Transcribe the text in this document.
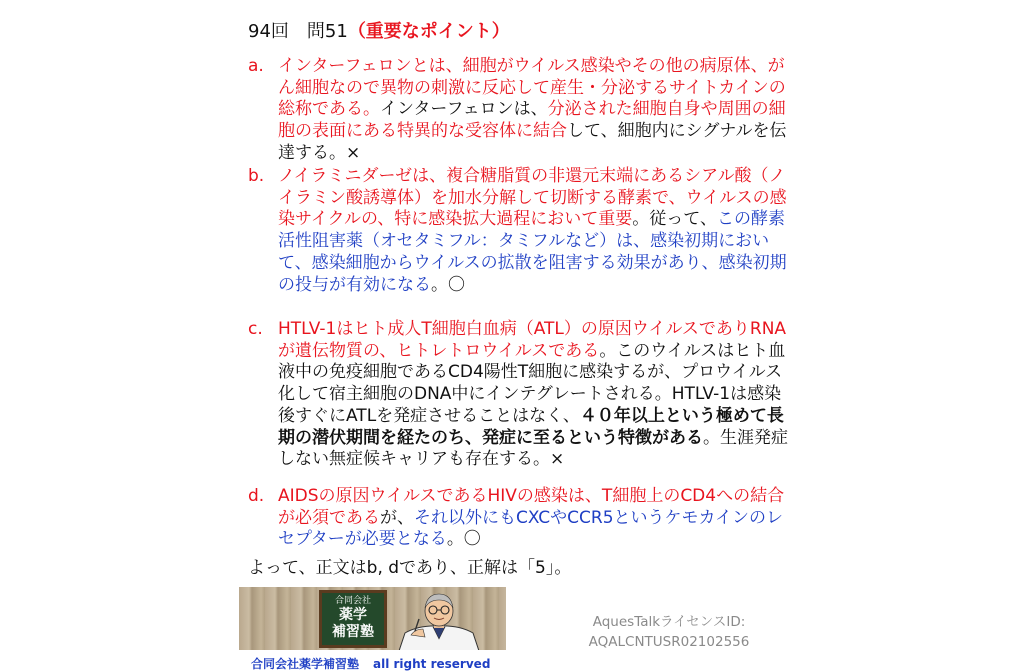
94回　問51（重要なポイント）
a. インターフェロンとは、細胞がウイルス感染やその他の病原体、がん細胞なので異物の刺激に反応して産生・分泌するサイトカインの総称である。インターフェロンは、分泌された細胞自身や周囲の細胞の表面にある特異的な受容体に結合して、細胞内にシグナルを伝達する。×
b. ノイラミニダーゼは、複合糖脂質の非還元末端にあるシアル酸（ノイラミン酸誘導体）を加水分解して切断する酵素で、ウイルスの感染サイクルの、特に感染拡大過程において重要。従って、この酵素活性阻害薬（オセタミフル：タミフルなど）は、感染初期において、感染細胞からウイルスの拡散を阻害する効果があり、感染初期の投与が有効になる。〇
c. HTLV-1はヒト成人T細胞白血病（ATL）の原因ウイルスでありRNAが遺伝物質の、ヒトレトロウイルスである。このウイルスはヒト血液中の免疫細胞であるCD4陽性T細胞に感染するが、プロウイルス化して宿主細胞のDNA中にインテグレートされる。HTLV-1は感染後すぐにATLを発症させることはなく、４０年以上という極めて長期の潜伏期間を経たのち、発症に至るという特徴がある。生涯発症しない無症候キャリアも存在する。×
d. AIDSの原因ウイルスであるHIVの感染は、T細胞上のCD4への結合が必須であるが、それ以外にもCXCやCCR5というケモカインのレセプターが必要となる。〇
よって、正文はb, dであり、正解は「5」。
合同会社
薬学
補習塾
合同会社薬学補習塾 all right reserved
AquesTalkライセンスID:
AQALCNTUSR02102556
